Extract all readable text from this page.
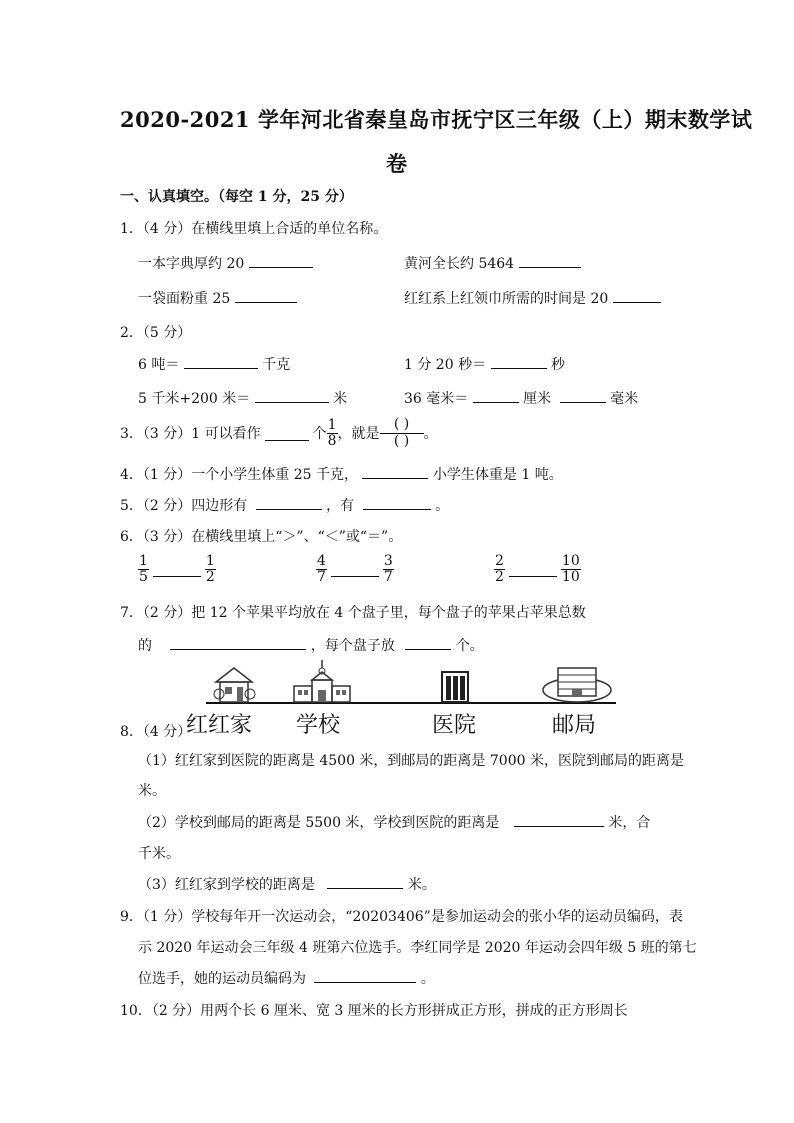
2020-2021 学年河北省秦皇岛市抚宁区三年级（上）期末数学试
卷
一、认真填空。（每空 1 分，25 分）
1．（4 分）在横线里填上合适的单位名称。
一本字典厚约 20	黄河全长约 5464
一袋面粉重 25	红红系上红领巾所需的时间是 20
2．（5 分）
6 吨＝	千克	1 分 20 秒＝	秒
5 千米+200 米＝	米	36 毫米＝	厘米	毫米
3．（3 分）1 可以看作	个 $\frac{1}{8}$ ，就是 $\frac{( )}{( )}$ 。
4．（1 分）一个小学生体重 25 千克，	小学生体重是 1 吨。
5．（2 分）四边形有	，有	。
6．（3 分）在横线里填上“＞”、“＜”或“＝”。
$\frac{1}{5}$	$\frac{1}{2}$	$\frac{4}{7}$	$\frac{3}{7}$	$\frac{2}{2}$	$\frac{10}{10}$
7．（2 分）把 12 个苹果平均放在 4 个盘子里，每个盘子的苹果占苹果总数
的	，每个盘子放	个。
红红家 学校	医院	邮局
8．（4 分）
（1）红红家到医院的距离是 4500 米，到邮局的距离是 7000 米，医院到邮局的距离是
米。
（2）学校到邮局的距离是 5500 米，学校到医院的距离是	米，合
千米。
（3）红红家到学校的距离是	米。
9．（1 分）学校每年开一次运动会，“20203406”是参加运动会的张小华的运动员编码，表
示 2020 年运动会三年级 4 班第六位选手。李红同学是 2020 年运动会四年级 5 班的第七
位选手，她的运动员编码为	。
10．（2 分）用两个长 6 厘米、宽 3 厘米的长方形拼成正方形，拼成的正方形周长
